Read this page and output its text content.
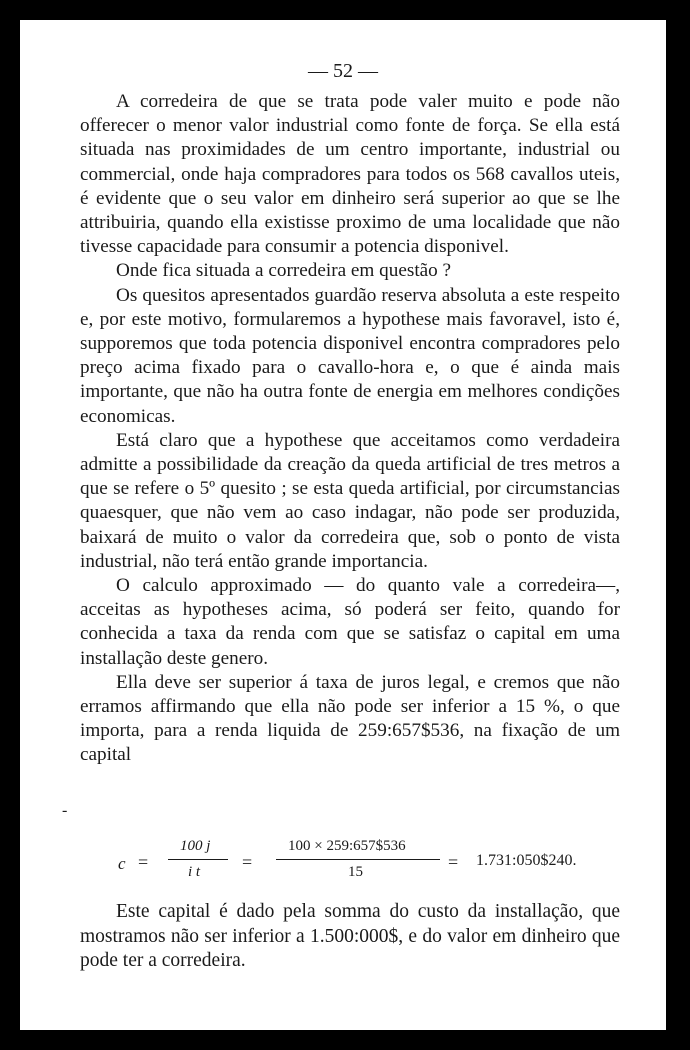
— 52 —

A corredeira de que se trata pode valer muito e pode não offerecer o menor valor industrial como fonte de força. Se ella está situada nas proximidades de um centro importante, industrial ou commercial, onde haja compradores para todos os 568 cavallos uteis, é evidente que o seu valor em dinheiro será superior ao que se lhe attribuiria, quando ella existisse proximo de uma localidade que não tivesse capacidade para consumir a potencia disponivel.

Onde fica situada a corredeira em questão ?

Os quesitos apresentados guardão reserva absoluta a este respeito e, por este motivo, formularemos a hypothese mais favoravel, isto é, supporemos que toda potencia disponivel encontra compradores pelo preço acima fixado para o cavallo-hora e, o que é ainda mais importante, que não ha outra fonte de energia em melhores condições economicas.

Está claro que a hypothese que acceitamos como verdadeira admitte a possibilidade da creação da queda artificial de tres metros a que se refere o 5º quesito ; se esta queda artificial, por circumstancias quaesquer, que não vem ao caso indagar, não pode ser produzida, baixará de muito o valor da corredeira que, sob o ponto de vista industrial, não terá então grande importancia.

O calculo approximado — do quanto vale a corredeira—, acceitas as hypotheses acima, só poderá ser feito, quando for conhecida a taxa da renda com que se satisfaz o capital em uma installação deste genero.

Ella deve ser superior á taxa de juros legal, e cremos que não erramos affirmando que ella não pode ser inferior a 15 %, o que importa, para a renda liquida de 259:657$536, na fixação de um capital

-
c =
100 j
i t =
100 × 259:657$536
15	= 1.731:050$240.

Este capital é dado pela somma do custo da installação, que mostramos não ser inferior a 1.500:000$, e do valor em dinheiro que pode ter a corredeira.
